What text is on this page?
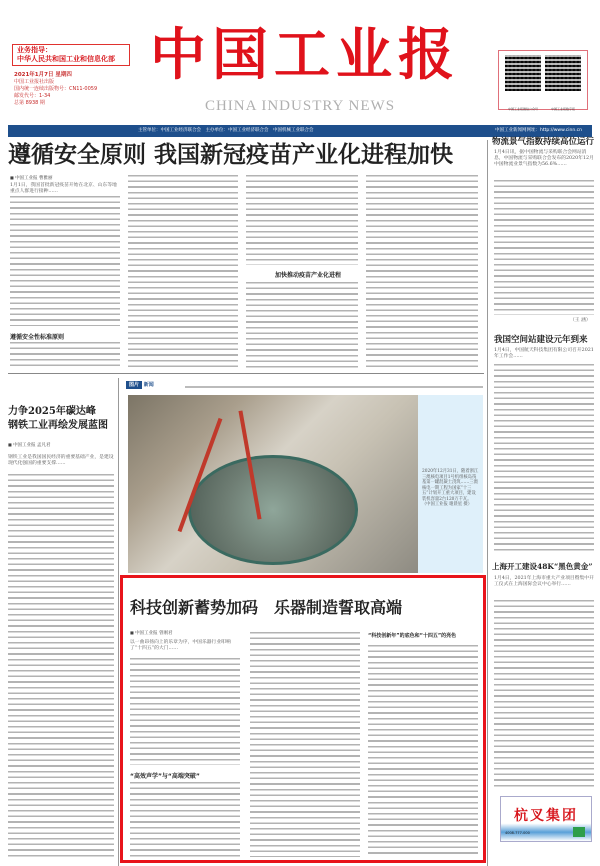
业务指导：
中华人民共和国工业和信息化部
2021年1月7日 星期四
中国工业报社出版
国内统一连续出版物号：CN11-0059
邮发代号：1-34
总第 8938 期
中国工业报
CHINA INDUSTRY NEWS	中国工业报微信公众号	中国工业报数字报
主管单位：中国工业经济联合会　主办单位：中国工业经济联合会　中国机械工业联合会	中国工业新闻网网址：http://www.cinn.cn
遵循安全原则 我国新冠疫苗产业化进程加快
■ 中国工业报 曹雅丽
1月1日，我国首批新冠疫苗开始在北京、山东等地重点人群进行接种……
遵循安全性标准原则
加快推动疫苗产业化进程
力争2025年碳达峰
钢铁工业再绘发展蓝图
■ 中国工业报 孟凡君
钢铁工业是我国国民经济的重要基础产业，是建设现代化强国的重要支撑……
图片 新闻
2020年12月31日，随着浙江三澳核电项目1号机组核岛筏基第一罐混凝土浇筑……三澳核电一期工程为国家“十三五”计划开工重大项目，建设装机容量2台120万千瓦。
（中国工业报 谢晨星 摄）
科技创新蓄势加码　乐器制造誓取高端
■ 中国工业报 曾刚君
以一曲昂扬向上的乐章为序，中国乐器行业叩响了“十四五”的大门……
“高效声学”与“高端突破”
“科技创新年”的底色和“十四五”的亮色
物流景气指数持续高位运行
1月4日讯，据中国物流与采购联合会网站消息，中国物流与采购联合会发布的2020年12月中国物流业景气指数为56.6%……
（王 涵）
我国空间站建设元年到来
1月4日，中国航天科技集团有限公司召开2021年工作会……
上海开工建设48K“黑色黄金”
1月4日，2021年上海市重大产业项目暨集中开工仪式在上海国际会议中心举行……
杭叉集团
4008-777-000
